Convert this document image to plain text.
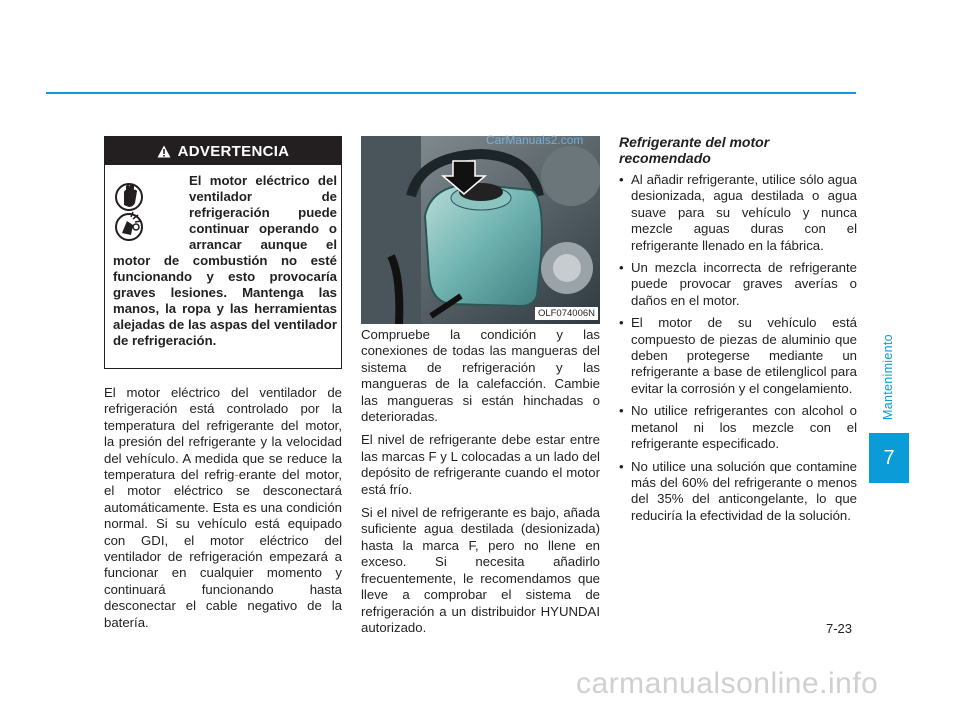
ADVERTENCIA
El motor eléctrico del ventilador de refrigeración puede continuar operando o arrancar aunque el motor de combustión no esté funcionando y esto provocaría graves lesiones. Mantenga las manos, la ropa y las herramientas alejadas de las aspas del ventilador de refrigeración.

El motor eléctrico del ventilador de refrigeración está controlado por la temperatura del refrigerante del motor, la presión del refrigerante y la velocidad del vehículo. A medida que se reduce la temperatura del refrig-erante del motor, el motor eléctrico se desconectará automáticamente. Esta es una condición normal. Si su vehículo está equipado con GDI, el motor eléctrico del ventilador de refrigeración empezará a funcionar en cualquier momento y continuará funcionando hasta desconectar el cable negativo de la batería.

OLF074006N
CarManuals2.com

Compruebe la condición y las conexiones de todas las mangueras del sistema de refrigeración y las mangueras de la calefacción. Cambie las mangueras si están hinchadas o deterioradas.

El nivel de refrigerante debe estar entre las marcas F y L colocadas a un lado del depósito de refrigerante cuando el motor está frío.

Si el nivel de refrigerante es bajo, añada suficiente agua destilada (desionizada) hasta la marca F, pero no llene en exceso. Si necesita añadirlo frecuentemente, le recomendamos que lleve a comprobar el sistema de refrigeración a un distribuidor HYUNDAI autorizado.

Refrigerante del motor recomendado
• Al añadir refrigerante, utilice sólo agua desionizada, agua destilada o agua suave para su vehículo y nunca mezcle aguas duras con el refrigerante llenado en la fábrica.
• Un mezcla incorrecta de refrigerante puede provocar graves averías o daños en el motor.
• El motor de su vehículo está compuesto de piezas de aluminio que deben protegerse mediante un refrigerante a base de etilenglicol para evitar la corrosión y el congelamiento.
• No utilice refrigerantes con alcohol o metanol ni los mezcle con el refrigerante especificado.
• No utilice una solución que contamine más del 60% del refrigerante o menos del 35% del anticongelante, lo que reduciría la efectividad de la solución.
Mantenimiento
7
7-23
carmanualsonline.info
